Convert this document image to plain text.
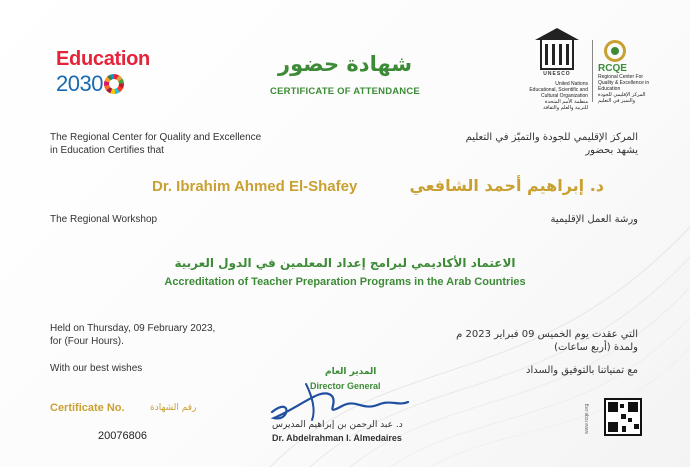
Education
2030
شهادة حضور
CERTIFICATE OF ATTENDANCE
UNESCO
United Nations
Educational, Scientific and
Cultural Organization
منظمة الأمم المتحدة
للتربية والعلم والثقافة
RCQE
Regional Center For
Quality & Excellence in
Education
المركز الإقليمي للجودة
والتميز في التعليم
The Regional Center for Quality and Excellence
in Education Certifies that
المركز الإقليمي للجودة والتميّز في التعليم
يشهد بحضور
Dr. Ibrahim Ahmed El-Shafey	د. إبراهيم أحمد الشافعي
The Regional Workshop	ورشة العمل الإقليمية
الاعتماد الأكاديمي لبرامج إعداد المعلمين في الدول العربية
Accreditation of Teacher Preparation Programs in the Arab Countries
Held on Thursday, 09 February 2023,
for (Four Hours).
التي عقدت يوم الخميس 09 فبراير 2023 م
ولمدة (أربع ساعات)
With our best wishes	مع تمنياتنا بالتوفيق والسداد
المدير العام
Director General
د. عبد الرحمن بن إبراهيم المديرس
Dr. Abdelrahman I. Almedaires
Certificate No.	رقم الشهادة
20076806
www.rcqe.org
